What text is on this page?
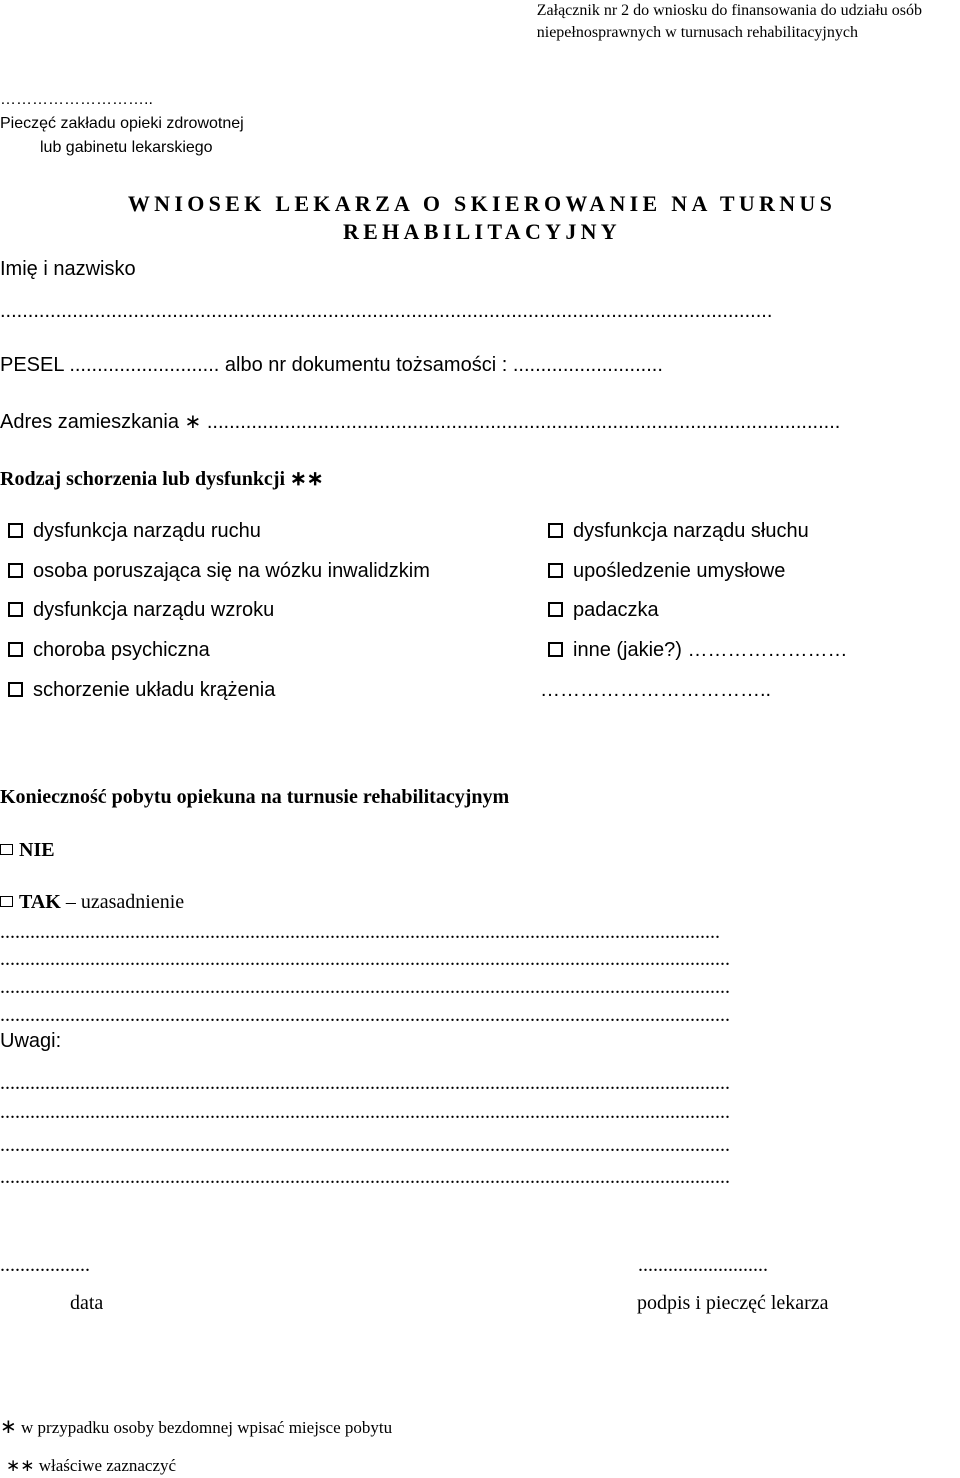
Załącznik nr 2 do wniosku do finansowania do udziału osób
niepełnosprawnych w turnusach rehabilitacyjnych
………………………..
Pieczęć zakładu opieki zdrowotnej
lub gabinetu lekarskiego
WNIOSEK LEKARZA O SKIEROWANIE NA TURNUS REHABILITACYJNY
Imię i nazwisko
...........................................................................................................................................
PESEL ........................... albo nr dokumentu tożsamości : ...........................
Adres zamieszkania ∗ ..................................................................................................................
Rodzaj schorzenia lub dysfunkcji ∗∗
dysfunkcja narządu ruchu
osoba poruszająca się na wózku inwalidzkim
dysfunkcja narządu wzroku
choroba psychiczna
schorzenie układu krążenia
dysfunkcja narządu słuchu
upośledzenie umysłowe
padaczka
inne (jakie?) ……………………
……………………………..
Konieczność pobytu opiekuna na turnusie rehabilitacyjnym
NIE
TAK – uzasadnienie
................................................................................................................................................
..................................................................................................................................................
..................................................................................................................................................
..................................................................................................................................................
Uwagi:
..................................................................................................................................................
..................................................................................................................................................
..................................................................................................................................................
..................................................................................................................................................
..................
data
..........................
podpis i pieczęć lekarza
∗ w przypadku osoby bezdomnej wpisać miejsce pobytu
∗∗ właściwe zaznaczyć
